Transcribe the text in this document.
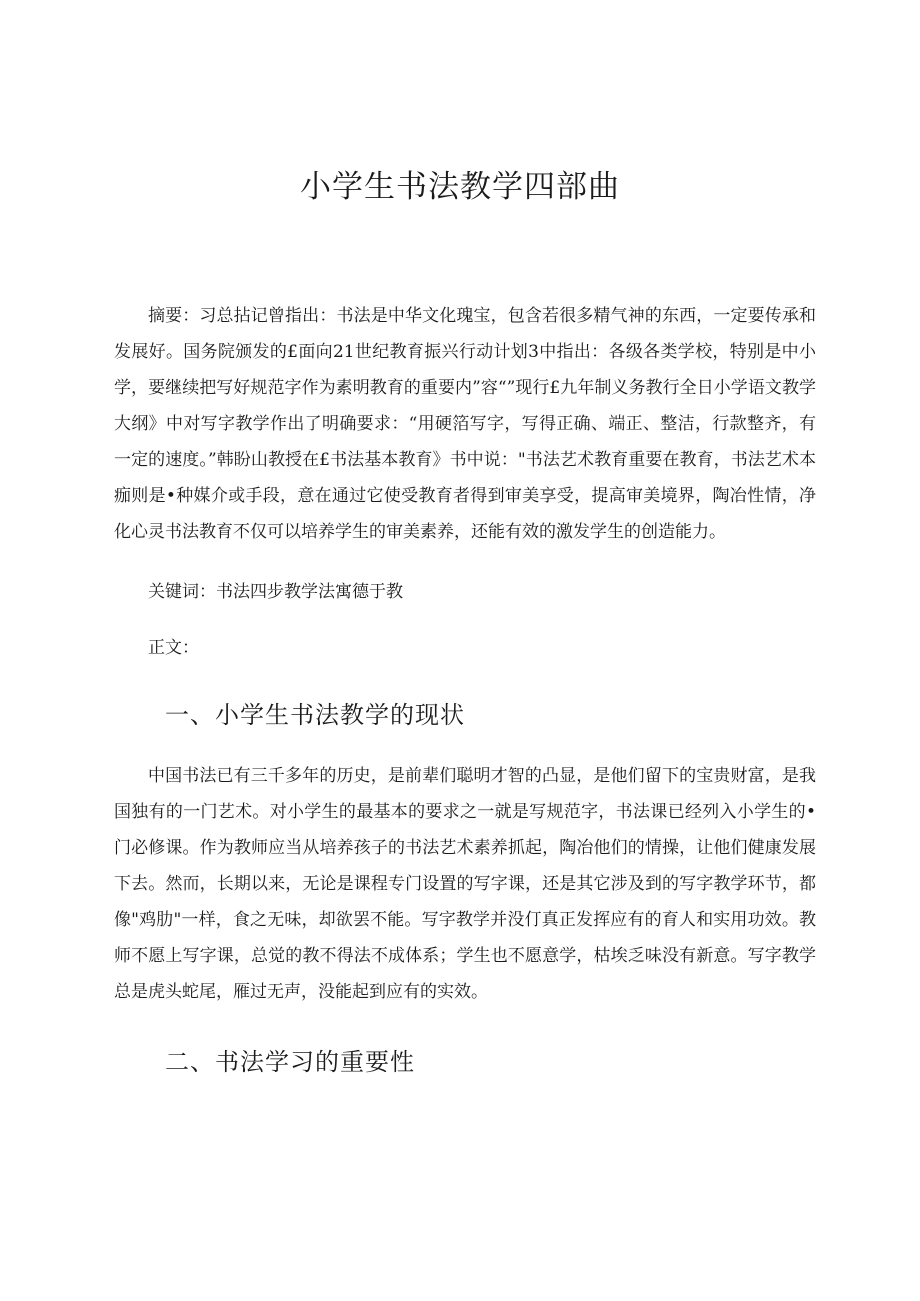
小学生书法教学四部曲

摘要：习总拈记曾指出：书法是中华文化瑰宝，包含若很多精气神的东西，一定要传承和发展好。国务院颁发的£面向21世纪教育振兴行动计划3中指出：各级各类学校，特别是中小学，要继续把写好规范字作为素明教育的重要内”容“”现行£九年制义务教行全日小学语文教学大纲》中对写字教学作出了明确要求：“用硬箔写字，写得正确、端正、整洁，行款整齐，有一定的速度。”韩盼山教授在£书法基本教育》书中说："书法艺术教育重要在教育，书法艺术本痂则是•种媒介或手段，意在通过它使受教育者得到审美享受，提高审美境界，陶冶性情，净化心灵书法教育不仅可以培养学生的审美素养，还能有效的激发学生的创造能力。

关键词：书法四步教学法寓德于教

正文：

一、小学生书法教学的现状

中国书法已有三千多年的历史，是前辈们聪明才智的凸显，是他们留下的宝贵财富，是我国独有的一门艺术。对小学生的最基本的要求之一就是写规范字，书法课已经列入小学生的•门必修课。作为教师应当从培养孩子的书法艺术素养抓起，陶冶他们的情操，让他们健康发展下去。然而，长期以来，无论是课程专门设置的写字课，还是其它涉及到的写字教学环节，都像"鸡肋"一样，食之无味，却欲罢不能。写字教学并没仃真正发挥应有的育人和实用功效。教师不愿上写字课，总觉的教不得法不成体系；学生也不愿意学，枯埃乏味没有新意。写字教学总是虎头蛇尾，雁过无声，没能起到应有的实效。

二、书法学习的重要性
